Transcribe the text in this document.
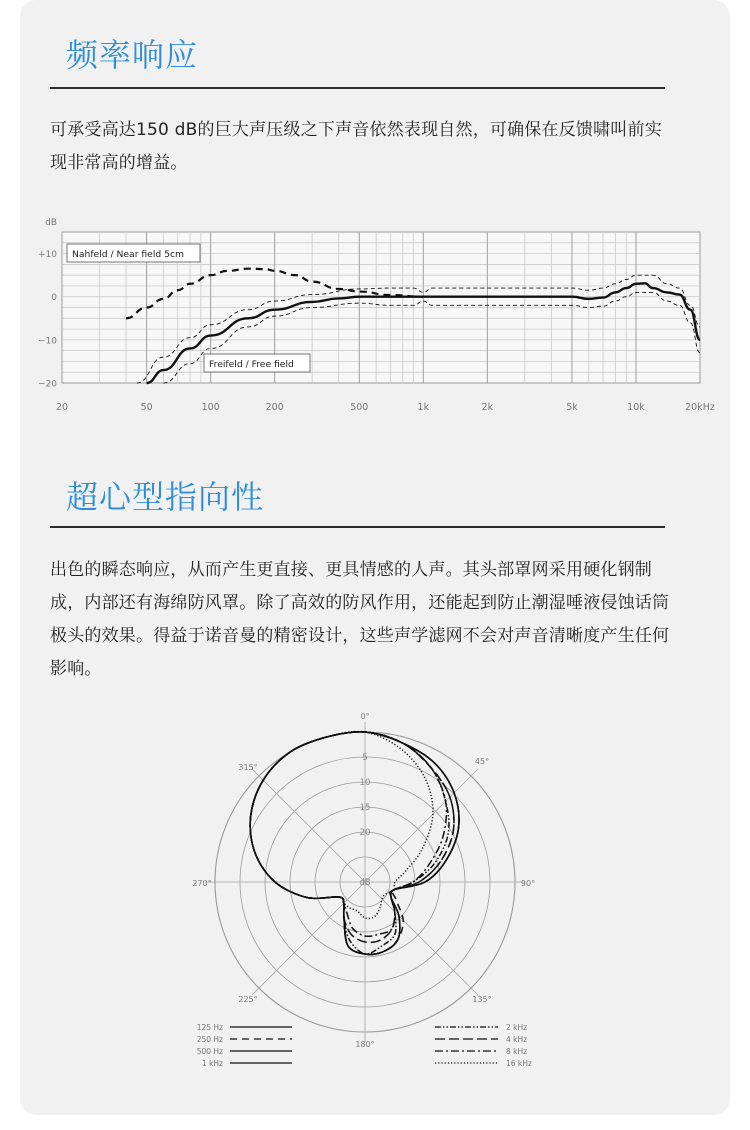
频率响应

可承受高达150 dB的巨大声压级之下声音依然表现自然，可确保在反馈啸叫前实现非常高的增益。

+10
0
−10
−20
dB
20	50	100	200	500	1k	2k	5k	10k	20kHz
Nahfeld / Near field 5cm
Freifeld / Free field
超心型指向性

出色的瞬态响应，从而产生更直接、更具情感的人声。其头部罩网采用硬化钢制成，内部还有海绵防风罩。除了高效的防风作用，还能起到防止潮湿唾液侵蚀话筒极头的效果。得益于诺音曼的精密设计，这些声学滤网不会对声音清晰度产生任何影响。

0°
45°
90°
135°
180°
225°
270°
315°
5
10
15
20
dB
125 Hz
250 Hz
500 Hz
1 kHz
2 kHz
4 kHz
8 kHz
16 kHz
